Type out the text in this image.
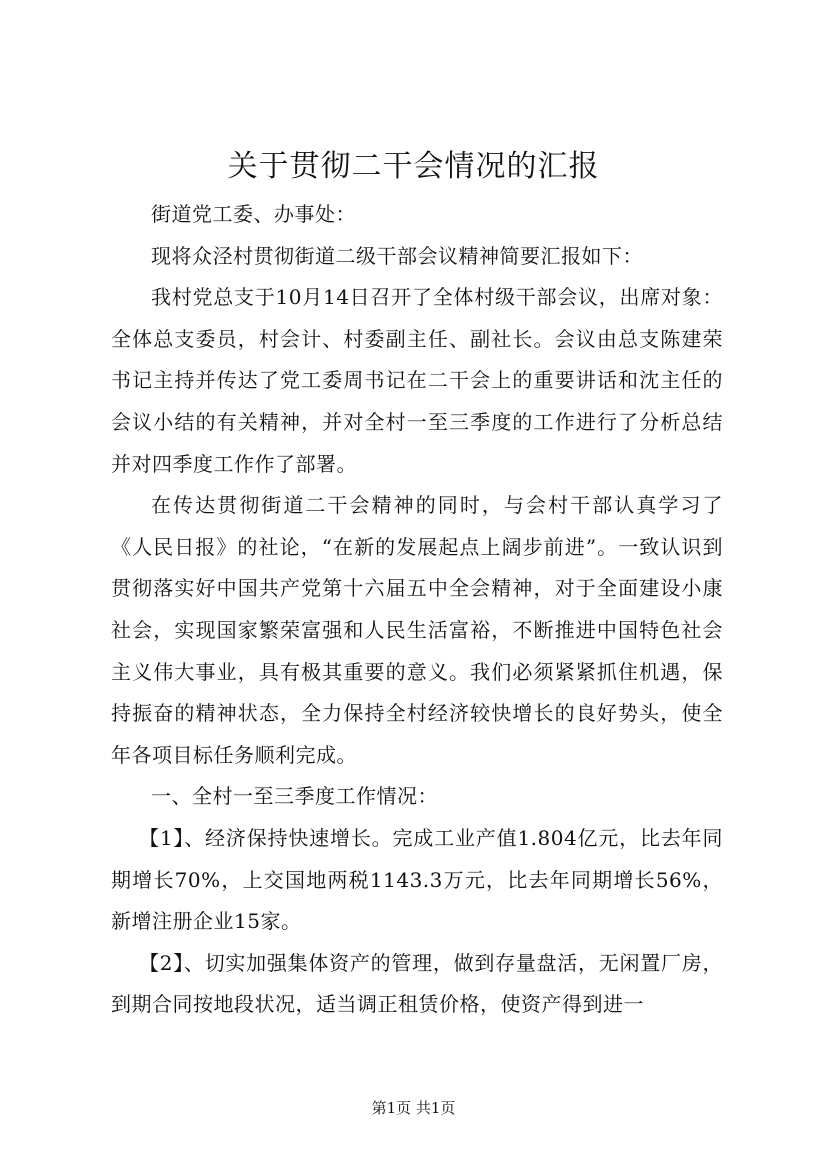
关于贯彻二干会情况的汇报

街道党工委、办事处：

现将众泾村贯彻街道二级干部会议精神简要汇报如下：

我村党总支于10月14日召开了全体村级干部会议，出席对象：全体总支委员，村会计、村委副主任、副社长。会议由总支陈建荣书记主持并传达了党工委周书记在二干会上的重要讲话和沈主任的会议小结的有关精神，并对全村一至三季度的工作进行了分析总结并对四季度工作作了部署。

在传达贯彻街道二干会精神的同时，与会村干部认真学习了《人民日报》的社论，“在新的发展起点上阔步前进”。一致认识到贯彻落实好中国共产党第十六届五中全会精神，对于全面建设小康社会，实现国家繁荣富强和人民生活富裕，不断推进中国特色社会主义伟大事业，具有极其重要的意义。我们必须紧紧抓住机遇，保持振奋的精神状态，全力保持全村经济较快增长的良好势头，使全年各项目标任务顺利完成。

一、全村一至三季度工作情况：

【1】、经济保持快速增长。完成工业产值1.804亿元，比去年同期增长70%，上交国地两税1143.3万元，比去年同期增长56%，新增注册企业15家。

【2】、切实加强集体资产的管理，做到存量盘活，无闲置厂房，到期合同按地段状况，适当调正租赁价格，使资产得到进一

第1页 共1页
